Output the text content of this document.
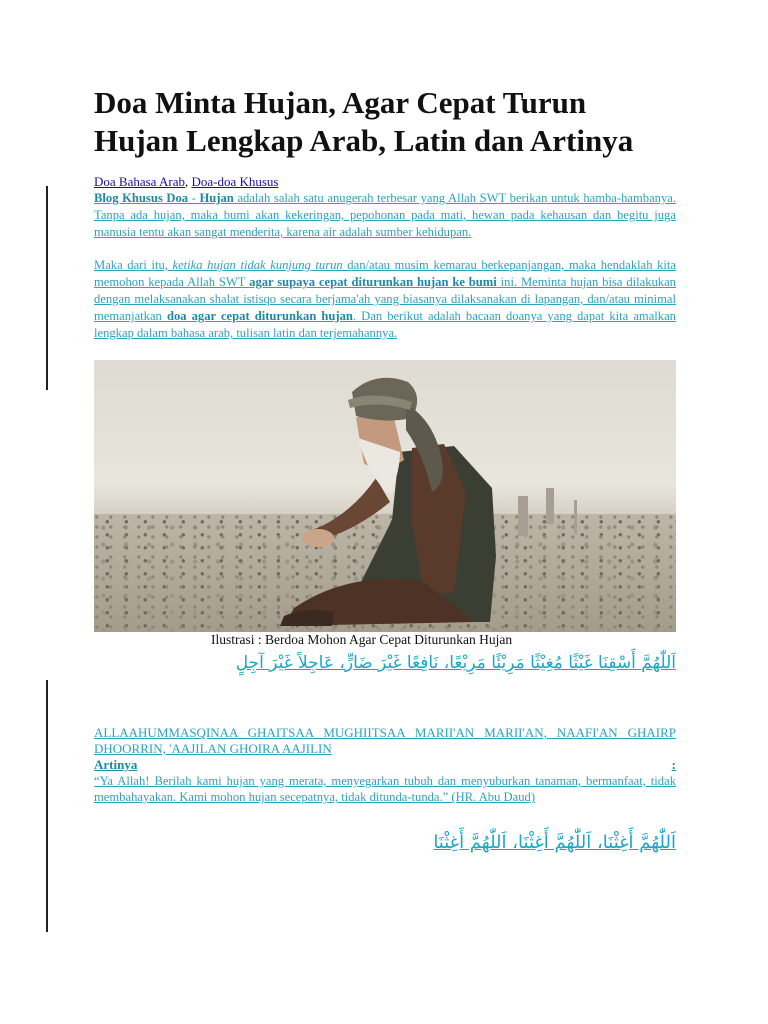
Doa Minta Hujan, Agar Cepat Turun Hujan Lengkap Arab, Latin dan Artinya
Doa Bahasa Arab, Doa-doa Khusus
Blog Khusus Doa - Hujan adalah salah satu anugerah terbesar yang Allah SWT berikan untuk hamba-hambanya. Tanpa ada hujan, maka bumi akan kekeringan, pepohonan pada mati, hewan pada kehausan dan begitu juga manusia tentu akan sangat menderita, karena air adalah sumber kehidupan.
Maka dari itu, ketika hujan tidak kunjung turun dan/atau musim kemarau berkepanjangan, maka hendaklah kita memohon kepada Allah SWT agar supaya cepat diturunkan hujan ke bumi ini. Meminta hujan bisa dilakukan dengan melaksanakan shalat istisqo secara berjama'ah yang biasanya dilaksanakan di lapangan, dan/atau minimal memanjatkan doa agar cepat diturunkan hujan. Dan berikut adalah bacaan doanya yang dapat kita amalkan lengkap dalam bahasa arab, tulisan latin dan terjemahannya.
Ilustrasi : Berdoa Mohon Agar Cepat Diturunkan Hujan
اَللّٰهُمَّ أَسْقِنَا غَيْثًا مُغِيْثًا مَرِيْئًا مَرِيْعًا، نَافِعًا غَيْرَ ضَارٍّ، عَاجِلاً غَيْرَ آجِلٍ
ALLAAHUMMASQINAA GHAITSAA MUGHIITSAA MARII'AN MARII'AN, NAAFI'AN GHAIRP DHOORRIN, 'AAJILAN GHOIRA AAJILIN
Artinya	:
“Ya Allah! Berilah kami hujan yang merata, menyegarkan tubuh dan menyuburkan tanaman, bermanfaat, tidak membahayakan. Kami mohon hujan secepatnya, tidak ditunda-tunda.” (HR. Abu Daud)
اَللّٰهُمَّ أَغِثْنَا، اَللّٰهُمَّ أَغِثْنَا، اَللّٰهُمَّ أَغِثْنَا
